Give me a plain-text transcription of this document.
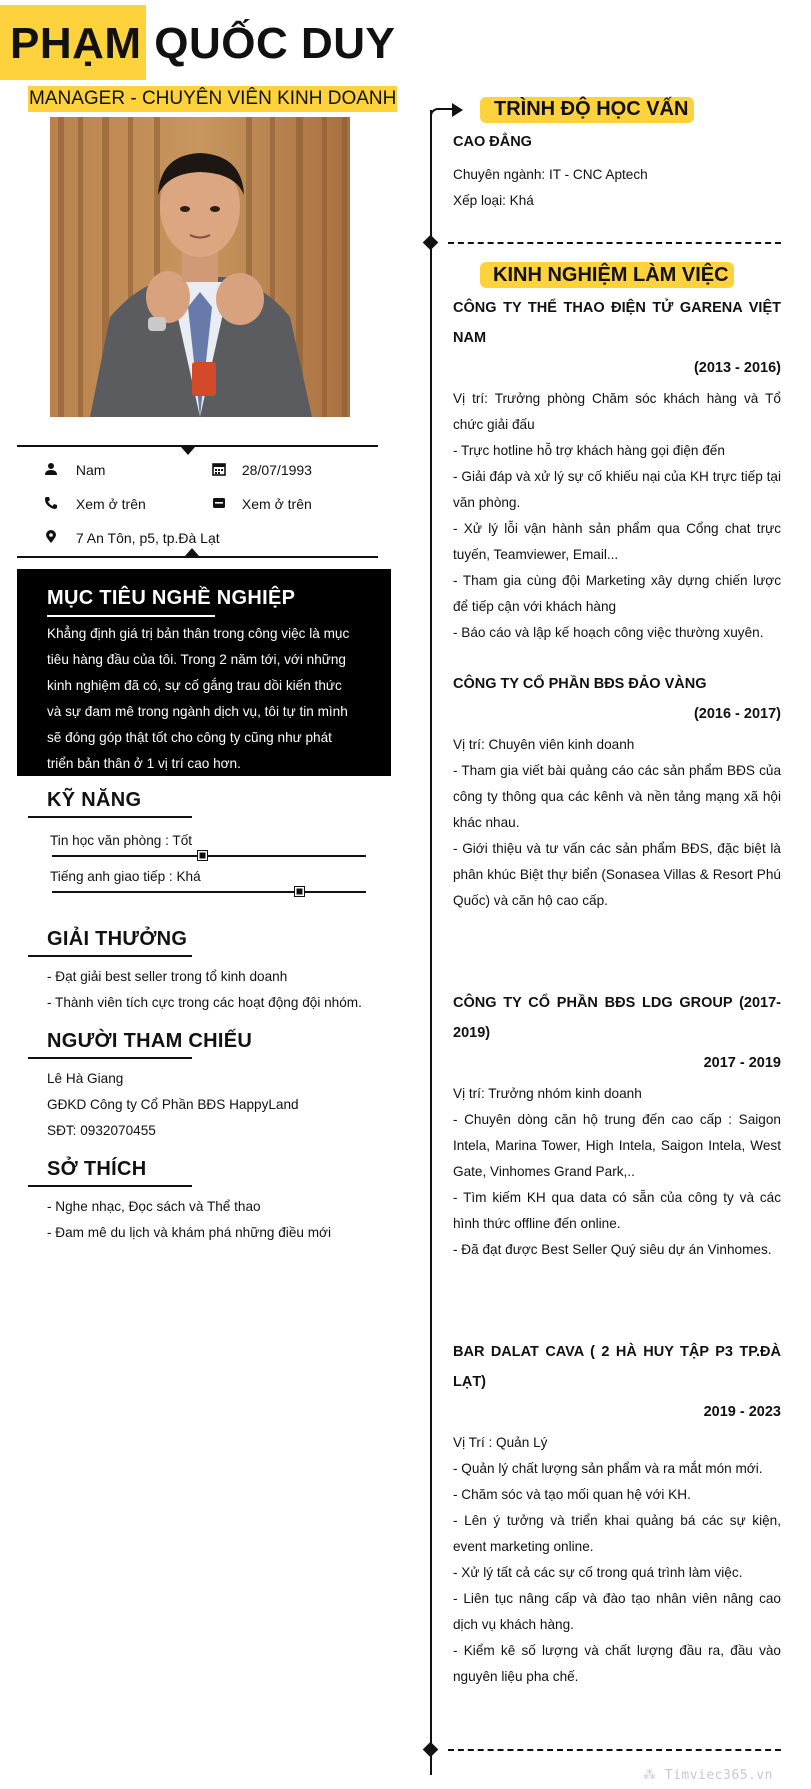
PHẠM QUỐC DUY
MANAGER - CHUYÊN VIÊN KINH DOANH
Nam	28/07/1993
Xem ở trên	Xem ở trên
7 An Tôn, p5, tp.Đà Lạt
MỤC TIÊU NGHỀ NGHIỆP
Khẳng định giá trị bản thân trong công việc là mục
tiêu hàng đầu của tôi. Trong 2 năm tới, với những
kinh nghiệm đã có, sự cố gắng trau dồi kiến thức
và sự đam mê trong ngành dịch vụ, tôi tự tin mình
sẽ đóng góp thật tốt cho công ty cũng như phát
triển bản thân ở 1 vị trí cao hơn.
KỸ NĂNG
Tin học văn phòng : Tốt
Tiếng anh giao tiếp : Khá
GIẢI THƯỞNG
- Đạt giải best seller trong tổ kinh doanh
- Thành viên tích cực trong các hoạt động đội nhóm.
NGƯỜI THAM CHIẾU
Lê Hà Giang
GĐKD Công ty Cổ Phần BĐS HappyLand
SĐT: 0932070455
SỞ THÍCH
- Nghe nhạc, Đọc sách và Thể thao
- Đam mê du lịch và khám phá những điều mới
TRÌNH ĐỘ HỌC VẤN
CAO ĐẲNG
Chuyên ngành: IT - CNC Aptech
Xếp loại: Khá
KINH NGHIỆM LÀM VIỆC
CÔNG TY THỂ THAO ĐIỆN TỬ GARENA VIỆT NAM
(2013 - 2016)
Vị trí: Trưởng phòng Chăm sóc khách hàng và Tổ chức giải đấu
- Trực hotline hỗ trợ khách hàng gọi điện đến
- Giải đáp và xử lý sự cố khiếu nại của KH trực tiếp tại văn phòng.
- Xử lý lỗi vận hành sản phẩm qua Cổng chat trực tuyến, Teamviewer, Email...
- Tham gia cùng đội Marketing xây dựng chiến lược để tiếp cận với khách hàng
- Báo cáo và lập kế hoạch công việc thường xuyên.
CÔNG TY CỔ PHẦN BĐS ĐẢO VÀNG
(2016 - 2017)
Vị trí: Chuyên viên kinh doanh
- Tham gia viết bài quảng cáo các sản phẩm BĐS của công ty thông qua các kênh và nền tảng mạng xã hội khác nhau.
- Giới thiệu và tư vấn các sản phẩm BĐS, đặc biệt là phân khúc Biệt thự biển (Sonasea Villas & Resort Phú Quốc) và căn hộ cao cấp.
CÔNG TY CỔ PHẦN BĐS LDG GROUP (2017-2019)
2017 - 2019
Vị trí: Trưởng nhóm kinh doanh
- Chuyên dòng căn hộ trung đến cao cấp : Saigon Intela, Marina Tower, High Intela, Saigon Intela, West Gate, Vinhomes Grand Park,..
- Tìm kiếm KH qua data có sẵn của công ty và các hình thức offline đến online.
- Đã đạt được Best Seller Quý siêu dự án Vinhomes.
BAR DALAT CAVA ( 2 HÀ HUY TẬP P3 TP.ĐÀ LẠT)
2019 - 2023
Vị Trí : Quản Lý
- Quản lý chất lượng sản phẩm và ra mắt món mới.
- Chăm sóc và tạo mối quan hệ với KH.
- Lên ý tưởng và triển khai quảng bá các sự kiện, event marketing online.
- Xử lý tất cả các sự cố trong quá trình làm việc.
- Liên tục nâng cấp và đào tạo nhân viên nâng cao dịch vụ khách hàng.
- Kiểm kê số lượng và chất lượng đầu ra, đầu vào nguyên liệu pha chế.
⁂ Timviec365.vn
